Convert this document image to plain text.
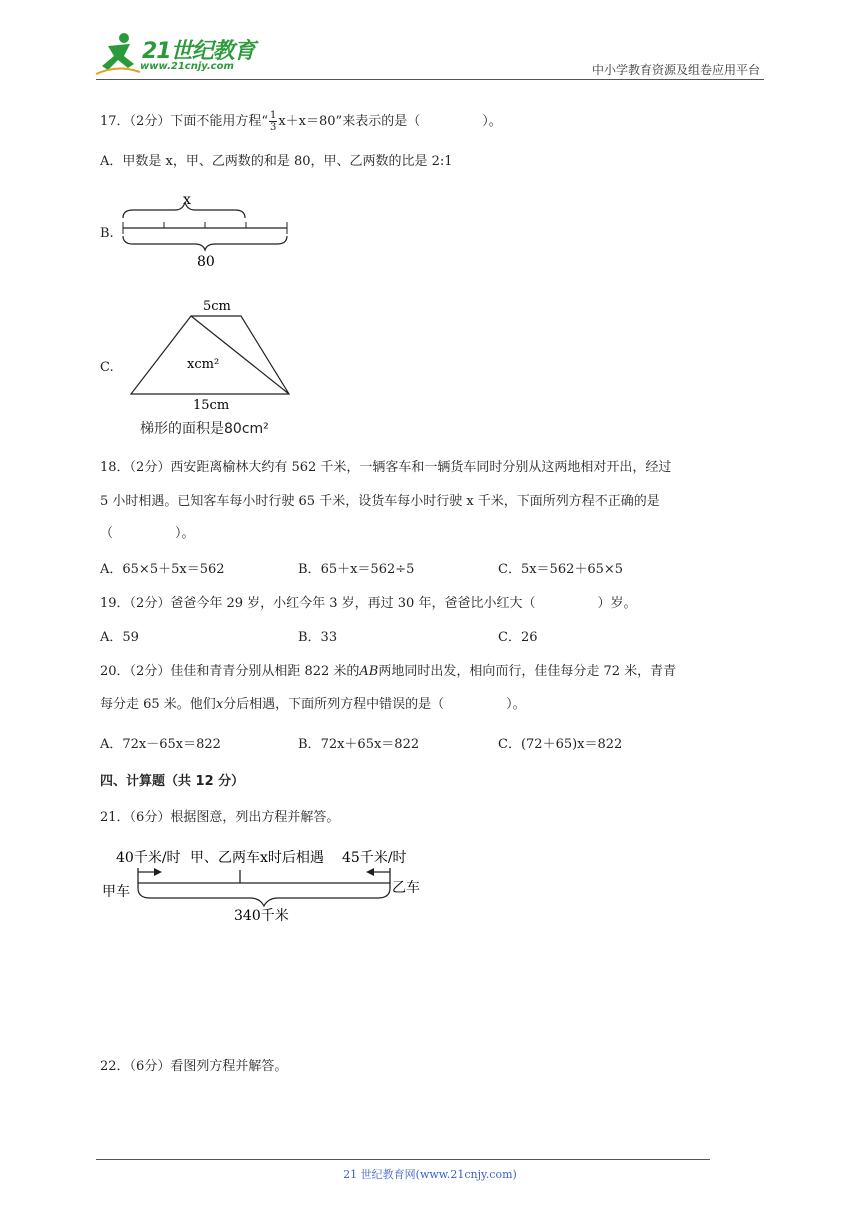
21世纪教育
www.21cnjy.com	中小学教育资源及组卷应用平台
17．（2分）下面不能用方程“ $\frac{1}{3} x+x=80$”来表示的是（	）。
A．甲数是 x，甲、乙两数的和是 80，甲、乙两数的比是 2:1
B.
x
80
C.
5cm
xcm²
15cm
梯形的面积是80cm²
18．（2分）西安距离榆林大约有 562 千米，一辆客车和一辆货车同时分别从这两地相对开出，经过
5 小时相遇。已知客车每小时行驶 65 千米，设货车每小时行驶 x 千米，下面所列方程不正确的是
（	）。
A．65×5＋5x＝562	B．65＋x＝562÷5	C．5x＝562＋65×5
19．（2分）爸爸今年 29 岁，小红今年 3 岁，再过 30 年，爸爸比小红大（	）岁。
A．59	B．33	C．26
20．（2分）佳佳和青青分别从相距 822 米的AB两地同时出发，相向而行，佳佳每分走 72 米，青青
每分走 65 米。他们x分后相遇，下面所列方程中错误的是（	）。
A．72x－65x＝822	B．72x＋65x＝822	C．(72＋65)x＝822
四、计算题（共 12 分）
21．（6分）根据图意，列出方程并解答。
40千米/时 甲、乙两车x时后相遇 45千米/时
甲车	乙车
340千米
22．（6分）看图列方程并解答。
21 世纪教育网(www.21cnjy.com)
